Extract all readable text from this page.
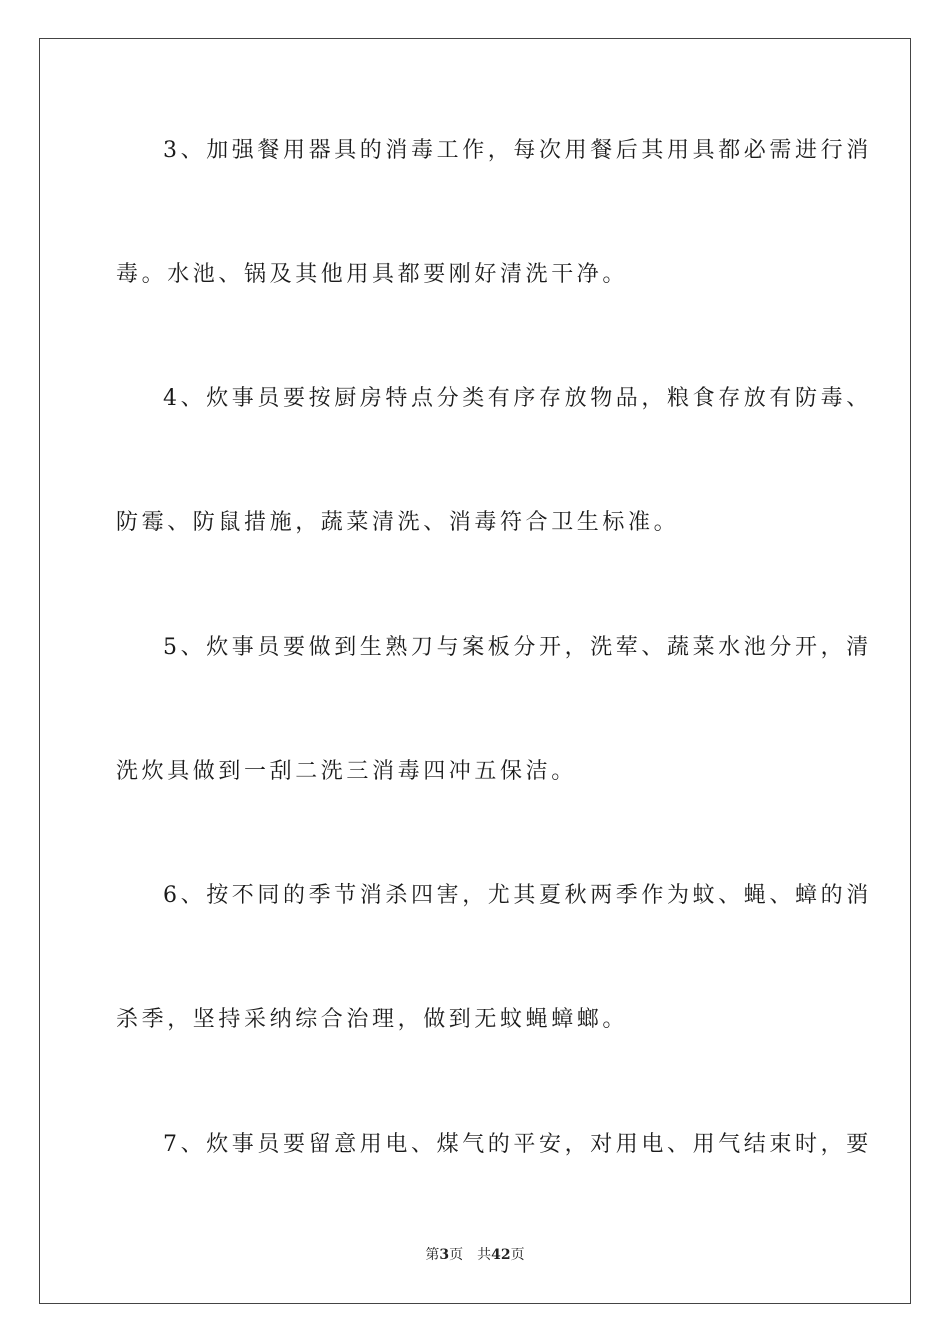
3、加强餐用器具的消毒工作，每次用餐后其用具都必需进行消
毒。水池、锅及其他用具都要刚好清洗干净。
4、炊事员要按厨房特点分类有序存放物品，粮食存放有防毒、
防霉、防鼠措施，蔬菜清洗、消毒符合卫生标准。
5、炊事员要做到生熟刀与案板分开，洗荤、蔬菜水池分开，清
洗炊具做到一刮二洗三消毒四冲五保洁。
6、按不同的季节消杀四害，尤其夏秋两季作为蚊、蝇、蟑的消
杀季，坚持采纳综合治理，做到无蚊蝇蟑螂。
7、炊事员要留意用电、煤气的平安，对用电、用气结束时，要
第3页 共42页
